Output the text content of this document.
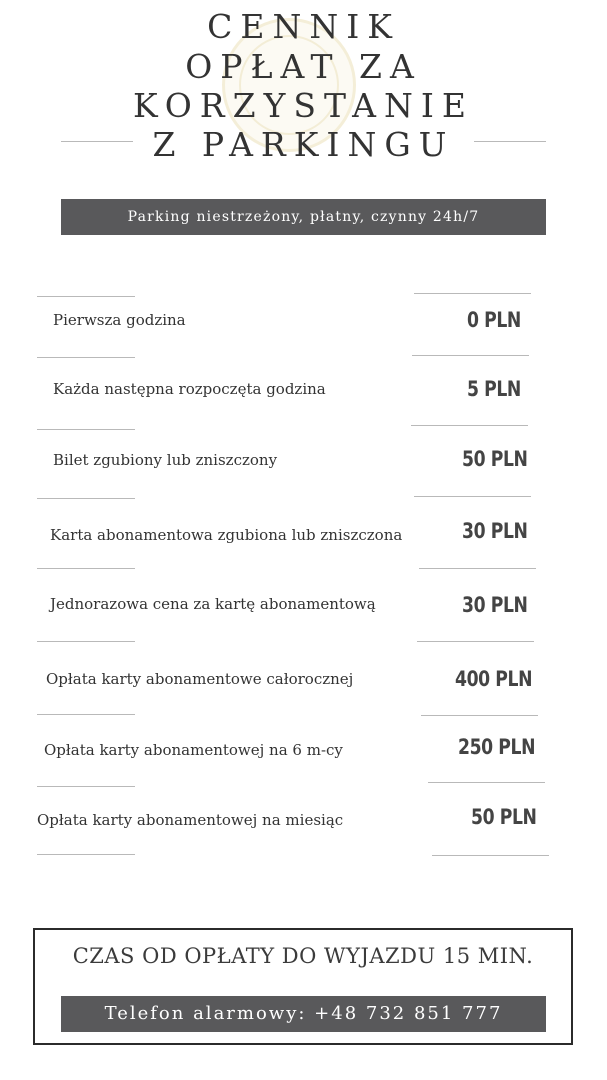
CENNIK
OPŁAT ZA
KORZYSTANIE
Z PARKINGU
Parking niestrzeżony, płatny, czynny 24h/7
Pierwsza godzina	0 PLN
Każda następna rozpoczęta godzina	5 PLN
Bilet zgubiony lub zniszczony	50 PLN
Karta abonamentowa zgubiona lub zniszczona	30 PLN
Jednorazowa cena za kartę abonamentową	30 PLN
Opłata karty abonamentowe całorocznej	400 PLN
Opłata karty abonamentowej na 6 m-cy	250 PLN
Opłata karty abonamentowej na miesiąc	50 PLN
CZAS OD OPŁATY DO WYJAZDU 15 MIN.
Telefon alarmowy: +48 732 851 777
